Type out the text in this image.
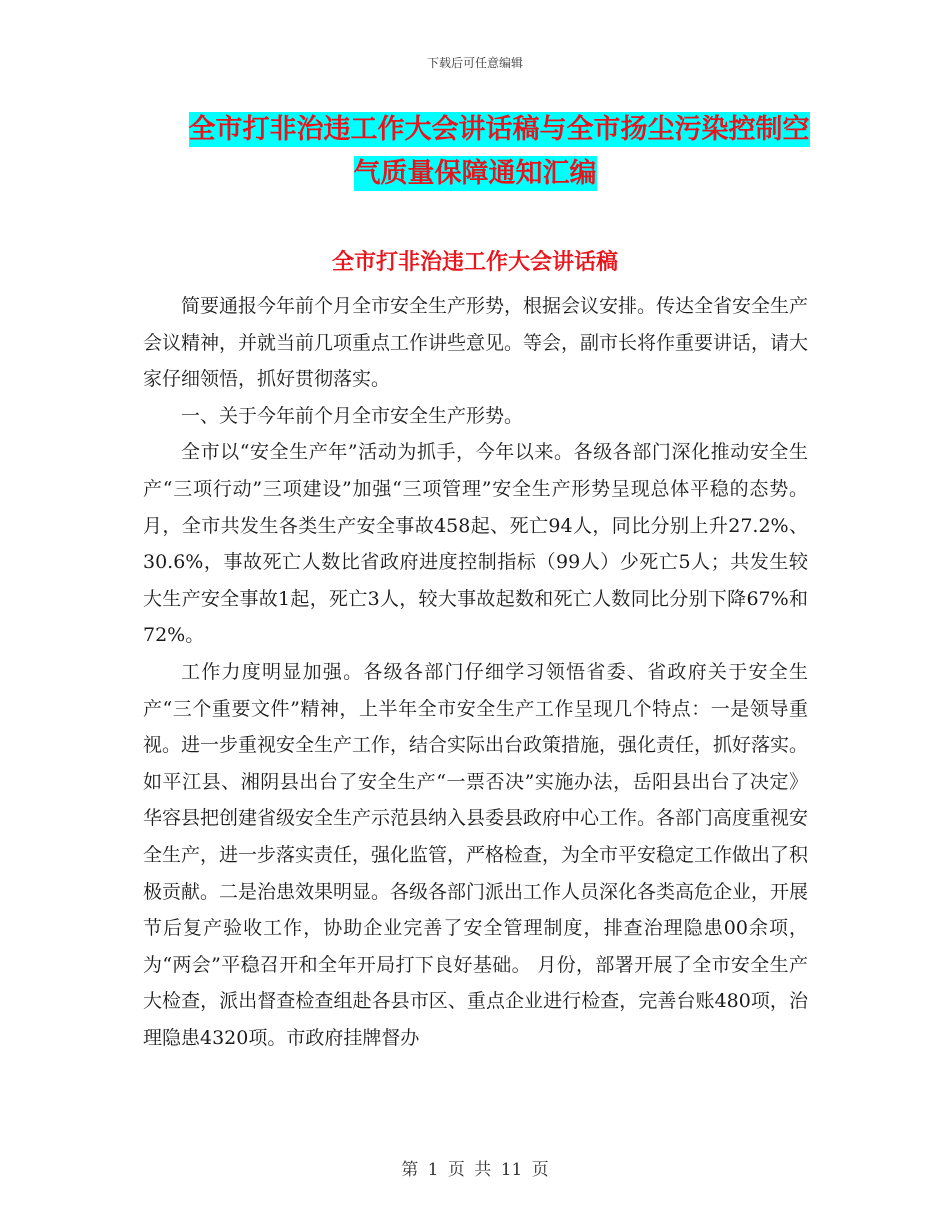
下载后可任意编辑
全市打非治违工作大会讲话稿与全市扬尘污染控制空
气质量保障通知汇编
全市打非治违工作大会讲话稿

简要通报今年前个月全市安全生产形势，根据会议安排。传达全省安全生产会议精神，并就当前几项重点工作讲些意见。等会，副市长将作重要讲话，请大家仔细领悟，抓好贯彻落实。

一、关于今年前个月全市安全生产形势。

全市以“安全生产年”活动为抓手，今年以来。各级各部门深化推动安全生产“三项行动”三项建设”加强“三项管理”安全生产形势呈现总体平稳的态势。 月，全市共发生各类生产安全事故458起、死亡94人，同比分别上升27.2%、30.6%，事故死亡人数比省政府进度控制指标（99人）少死亡5人；共发生较大生产安全事故1起，死亡3人，较大事故起数和死亡人数同比分别下降67%和72%。

工作力度明显加强。各级各部门仔细学习领悟省委、省政府关于安全生产“三个重要文件”精神，上半年全市安全生产工作呈现几个特点：一是领导重视。进一步重视安全生产工作，结合实际出台政策措施，强化责任，抓好落实。如平江县、湘阴县出台了安全生产“一票否决”实施办法，岳阳县出台了决定》华容县把创建省级安全生产示范县纳入县委县政府中心工作。各部门高度重视安全生产，进一步落实责任，强化监管，严格检查，为全市平安稳定工作做出了积极贡献。二是治患效果明显。各级各部门派出工作人员深化各类高危企业，开展节后复产验收工作，协助企业完善了安全管理制度，排查治理隐患00余项，为“两会”平稳召开和全年开局打下良好基础。 月份，部署开展了全市安全生产大检查，派出督查检查组赴各县市区、重点企业进行检查，完善台账480项，治理隐患4320项。市政府挂牌督办

第 1 页 共 11 页
